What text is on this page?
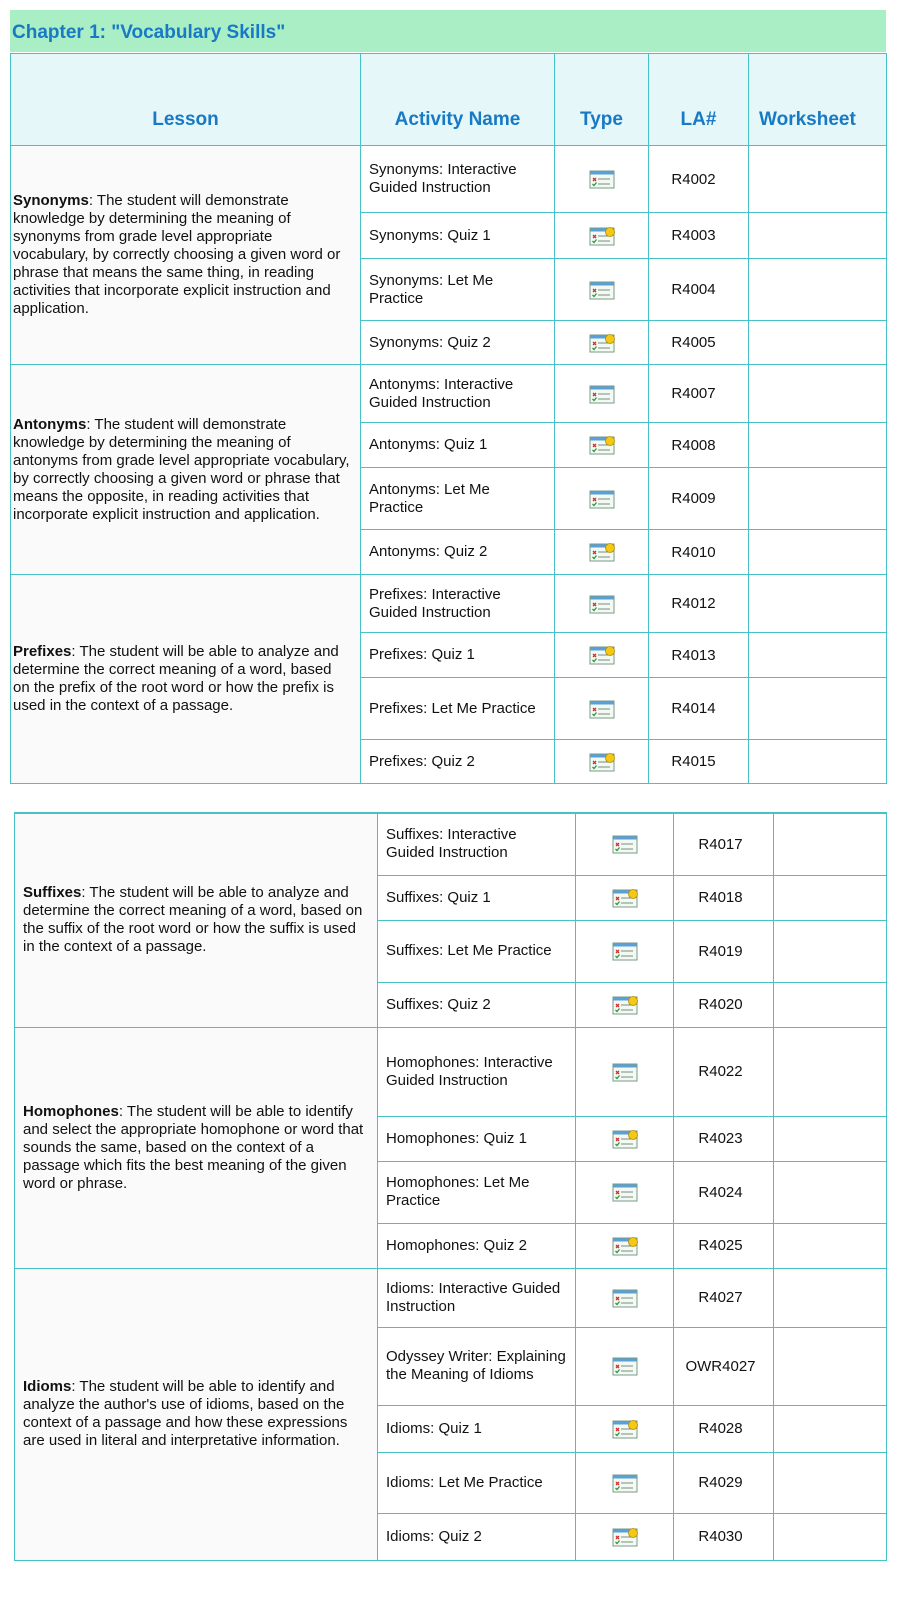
Chapter 1: "Vocabulary Skills"
Lesson	Activity Name	Type	LA#	Worksheet
Synonyms: The student will demonstrate knowledge by determining the meaning of synonyms from grade level appropriate vocabulary, by correctly choosing a given word or phrase that means the same thing, in reading activities that incorporate explicit instruction and application.	Synonyms: Interactive Guided Instruction		R4002	
	Synonyms: Quiz 1		R4003	
	Synonyms: Let Me Practice		R4004	
	Synonyms: Quiz 2		R4005	
Antonyms: The student will demonstrate knowledge by determining the meaning of antonyms from grade level appropriate vocabulary, by correctly choosing a given word or phrase that means the opposite, in reading activities that incorporate explicit instruction and application.	Antonyms: Interactive Guided Instruction		R4007	
	Antonyms: Quiz 1		R4008	
	Antonyms: Let Me Practice		R4009	
	Antonyms: Quiz 2		R4010	
Prefixes: The student will be able to analyze and determine the correct meaning of a word, based on the prefix of the root word or how the prefix is used in the context of a passage.	Prefixes: Interactive Guided Instruction		R4012	
	Prefixes: Quiz 1		R4013	
	Prefixes: Let Me Practice		R4014	
	Prefixes: Quiz 2		R4015	
Suffixes: The student will be able to analyze and determine the correct meaning of a word, based on the suffix of the root word or how the suffix is used in the context of a passage.	Suffixes: Interactive Guided Instruction		R4017	
	Suffixes: Quiz 1		R4018	
	Suffixes: Let Me Practice		R4019	
	Suffixes: Quiz 2		R4020	
Homophones: The student will be able to identify and select the appropriate homophone or word that sounds the same, based on the context of a passage which fits the best meaning of the given word or phrase.	Homophones: Interactive Guided Instruction		R4022	
	Homophones: Quiz 1		R4023	
	Homophones: Let Me Practice		R4024	
	Homophones: Quiz 2		R4025	
Idioms: The student will be able to identify and analyze the author's use of idioms, based on the context of a passage and how these expressions are used in literal and interpretative information.	Idioms: Interactive Guided Instruction		R4027	
	Odyssey Writer: Explaining the Meaning of Idioms		OWR4027	
	Idioms: Quiz 1		R4028	
	Idioms: Let Me Practice		R4029	
	Idioms: Quiz 2		R4030	
